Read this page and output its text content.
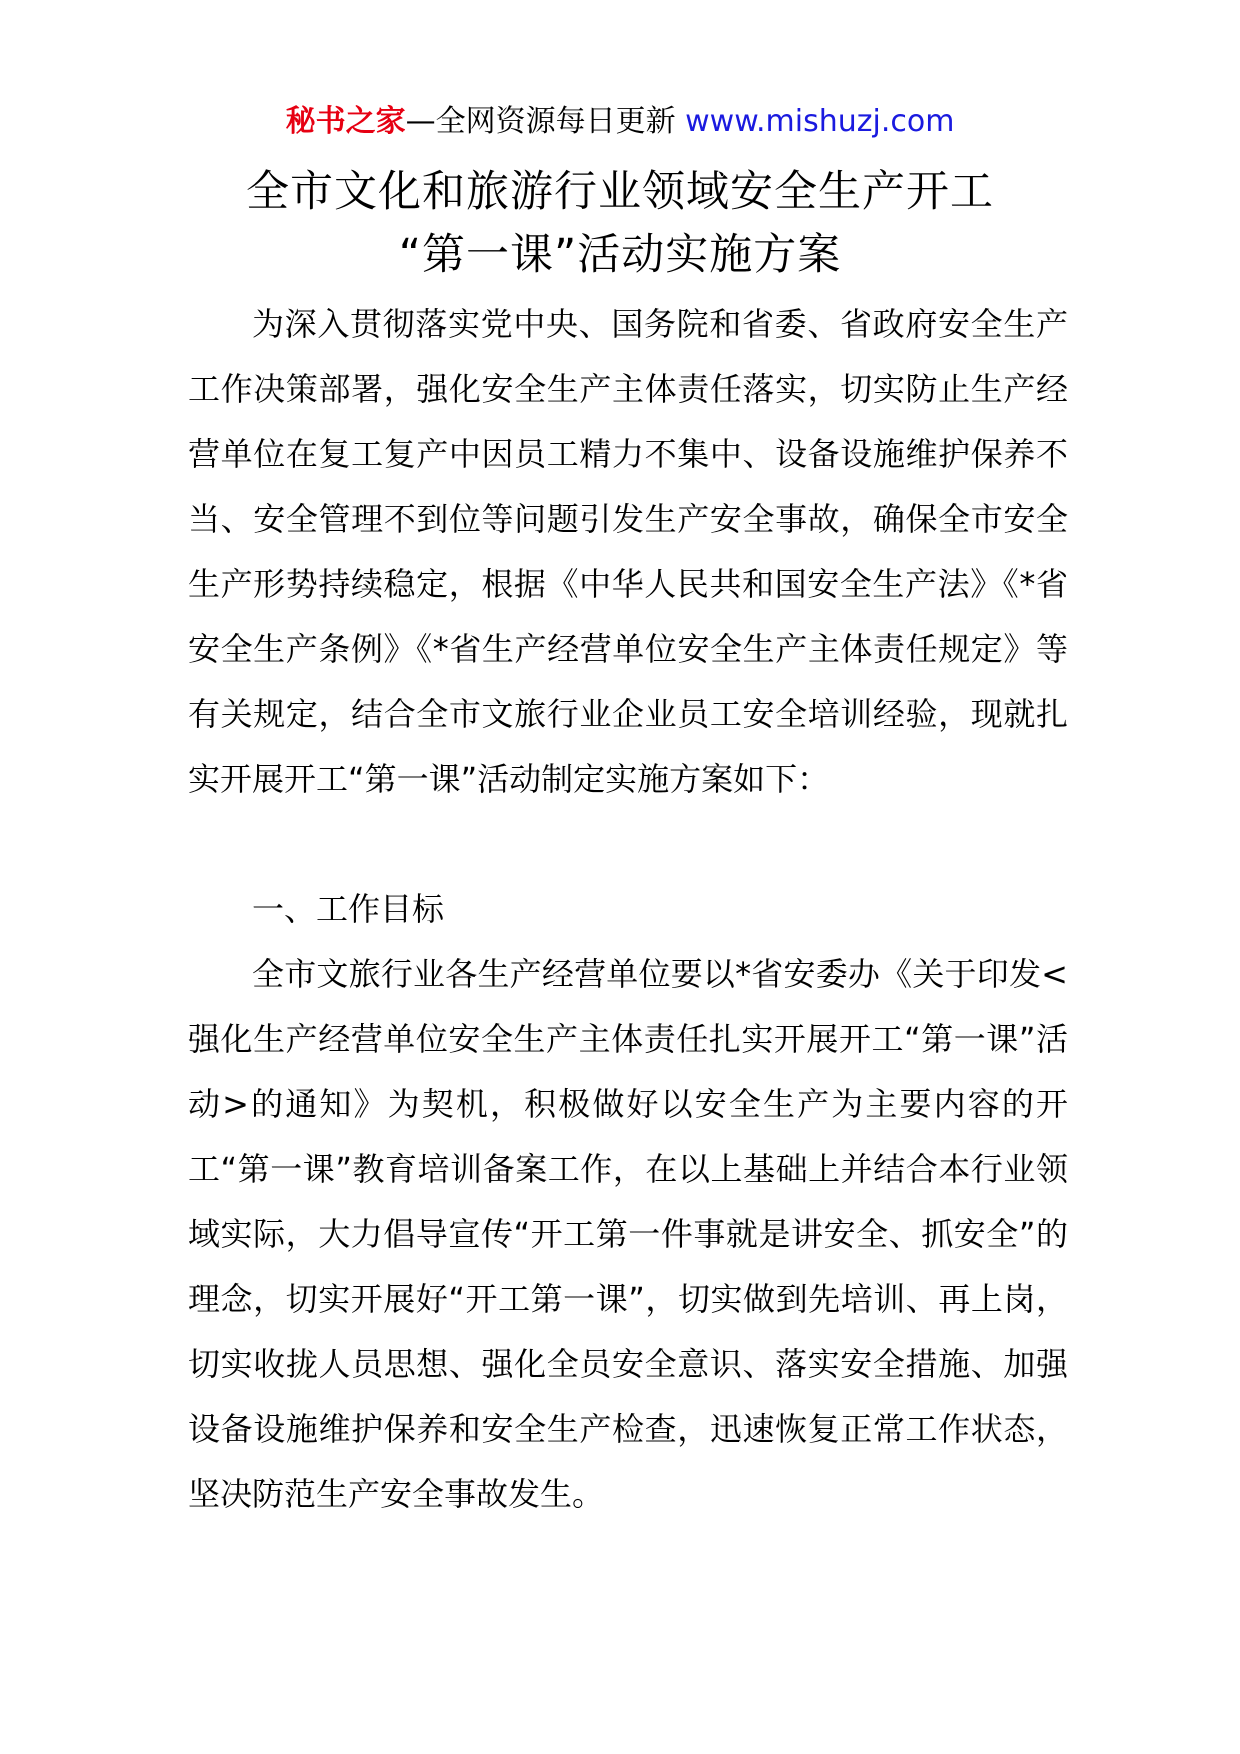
秘书之家—全网资源每日更新 www.mishuzj.com
全市文化和旅游行业领域安全生产开工
“第一课”活动实施方案

为深入贯彻落实党中央、国务院和省委、省政府安全生产工作决策部署，强化安全生产主体责任落实，切实防止生产经营单位在复工复产中因员工精力不集中、设备设施维护保养不当、安全管理不到位等问题引发生产安全事故，确保全市安全生产形势持续稳定，根据《中华人民共和国安全生产法》《*省安全生产条例》《*省生产经营单位安全生产主体责任规定》等有关规定，结合全市文旅行业企业员工安全培训经验，现就扎实开展开工“第一课”活动制定实施方案如下：

一、工作目标

全市文旅行业各生产经营单位要以*省安委办《关于印发<强化生产经营单位安全生产主体责任扎实开展开工“第一课”活动>的通知》为契机，积极做好以安全生产为主要内容的开工“第一课”教育培训备案工作，在以上基础上并结合本行业领域实际，大力倡导宣传“开工第一件事就是讲安全、抓安全”的理念，切实开展好“开工第一课”，切实做到先培训、再上岗，切实收拢人员思想、强化全员安全意识、落实安全措施、加强设备设施维护保养和安全生产检查，迅速恢复正常工作状态，坚决防范生产安全事故发生。
